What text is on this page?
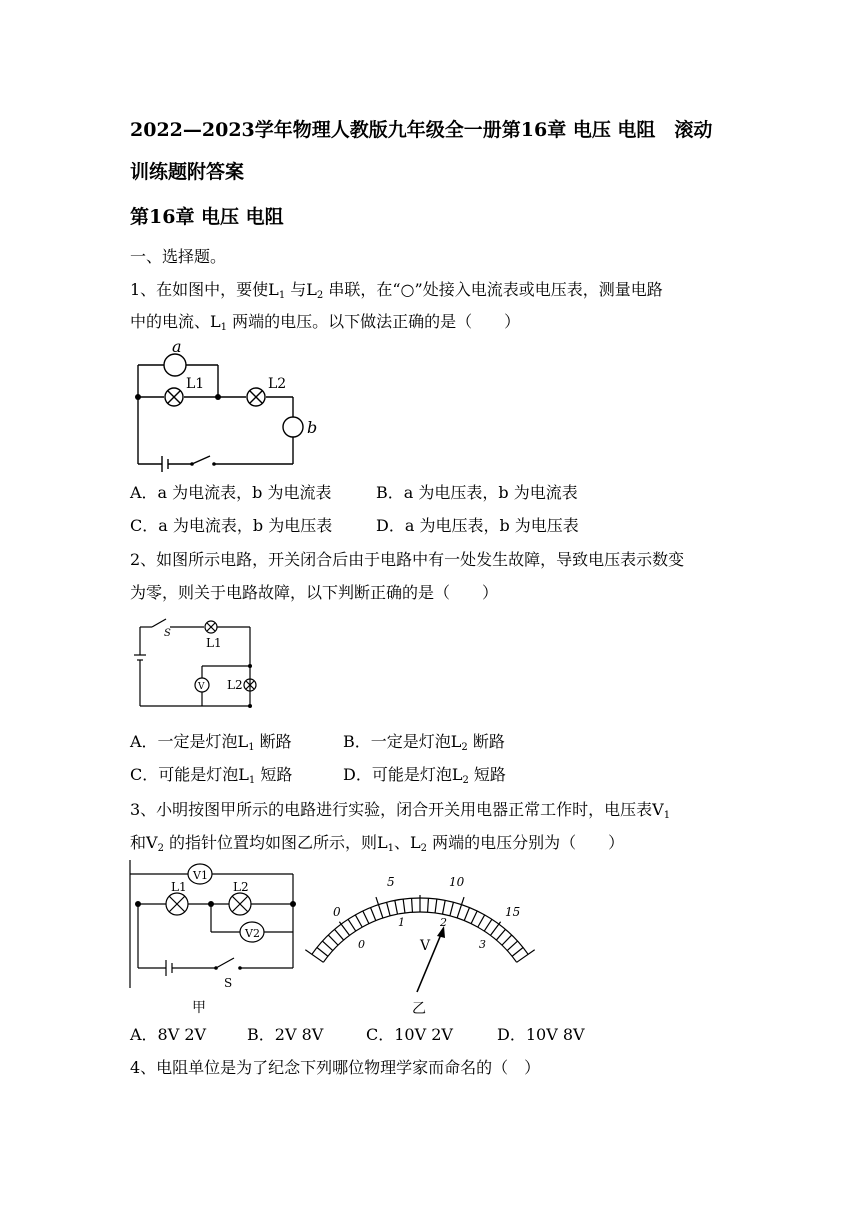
2022—2023学年物理人教版九年级全一册第16章 电压 电阻　滚动
训练题附答案
第16章 电压 电阻
一、选择题。
1、在如图中，要使$L_1$ 与$L_2$ 串联，在“○”处接入电流表或电压表，测量电路
中的电流、$L_1$ 两端的电压。以下做法正确的是（　　）
a
L1	L2
b
A．a 为电流表，b 为电流表	B．a 为电压表，b 为电流表
C．a 为电流表，b 为电压表	D．a 为电压表，b 为电压表
2、如图所示电路，开关闭合后由于电路中有一处发生故障，导致电压表示数变
为零，则关于电路故障，以下判断正确的是（　　）
S
L1
V L2
A．一定是灯泡$L_1$ 断路	B．一定是灯泡$L_2$ 断路
C．可能是灯泡$L_1$ 短路	D．可能是灯泡$L_2$ 短路
3、小明按图甲所示的电路进行实验，闭合开关用电器正常工作时，电压表$V_1$
和$V_2$ 的指针位置均如图乙所示，则$L_1$、$L_2$ 两端的电压分别为（　　）
V1
L1	L2
V2
S
甲
0
5	10
15
0
1	2
3
V
乙
A．8V 2V	B．2V 8V	C．10V 2V	D．10V 8V
4、电阻单位是为了纪念下列哪位物理学家而命名的（　）
